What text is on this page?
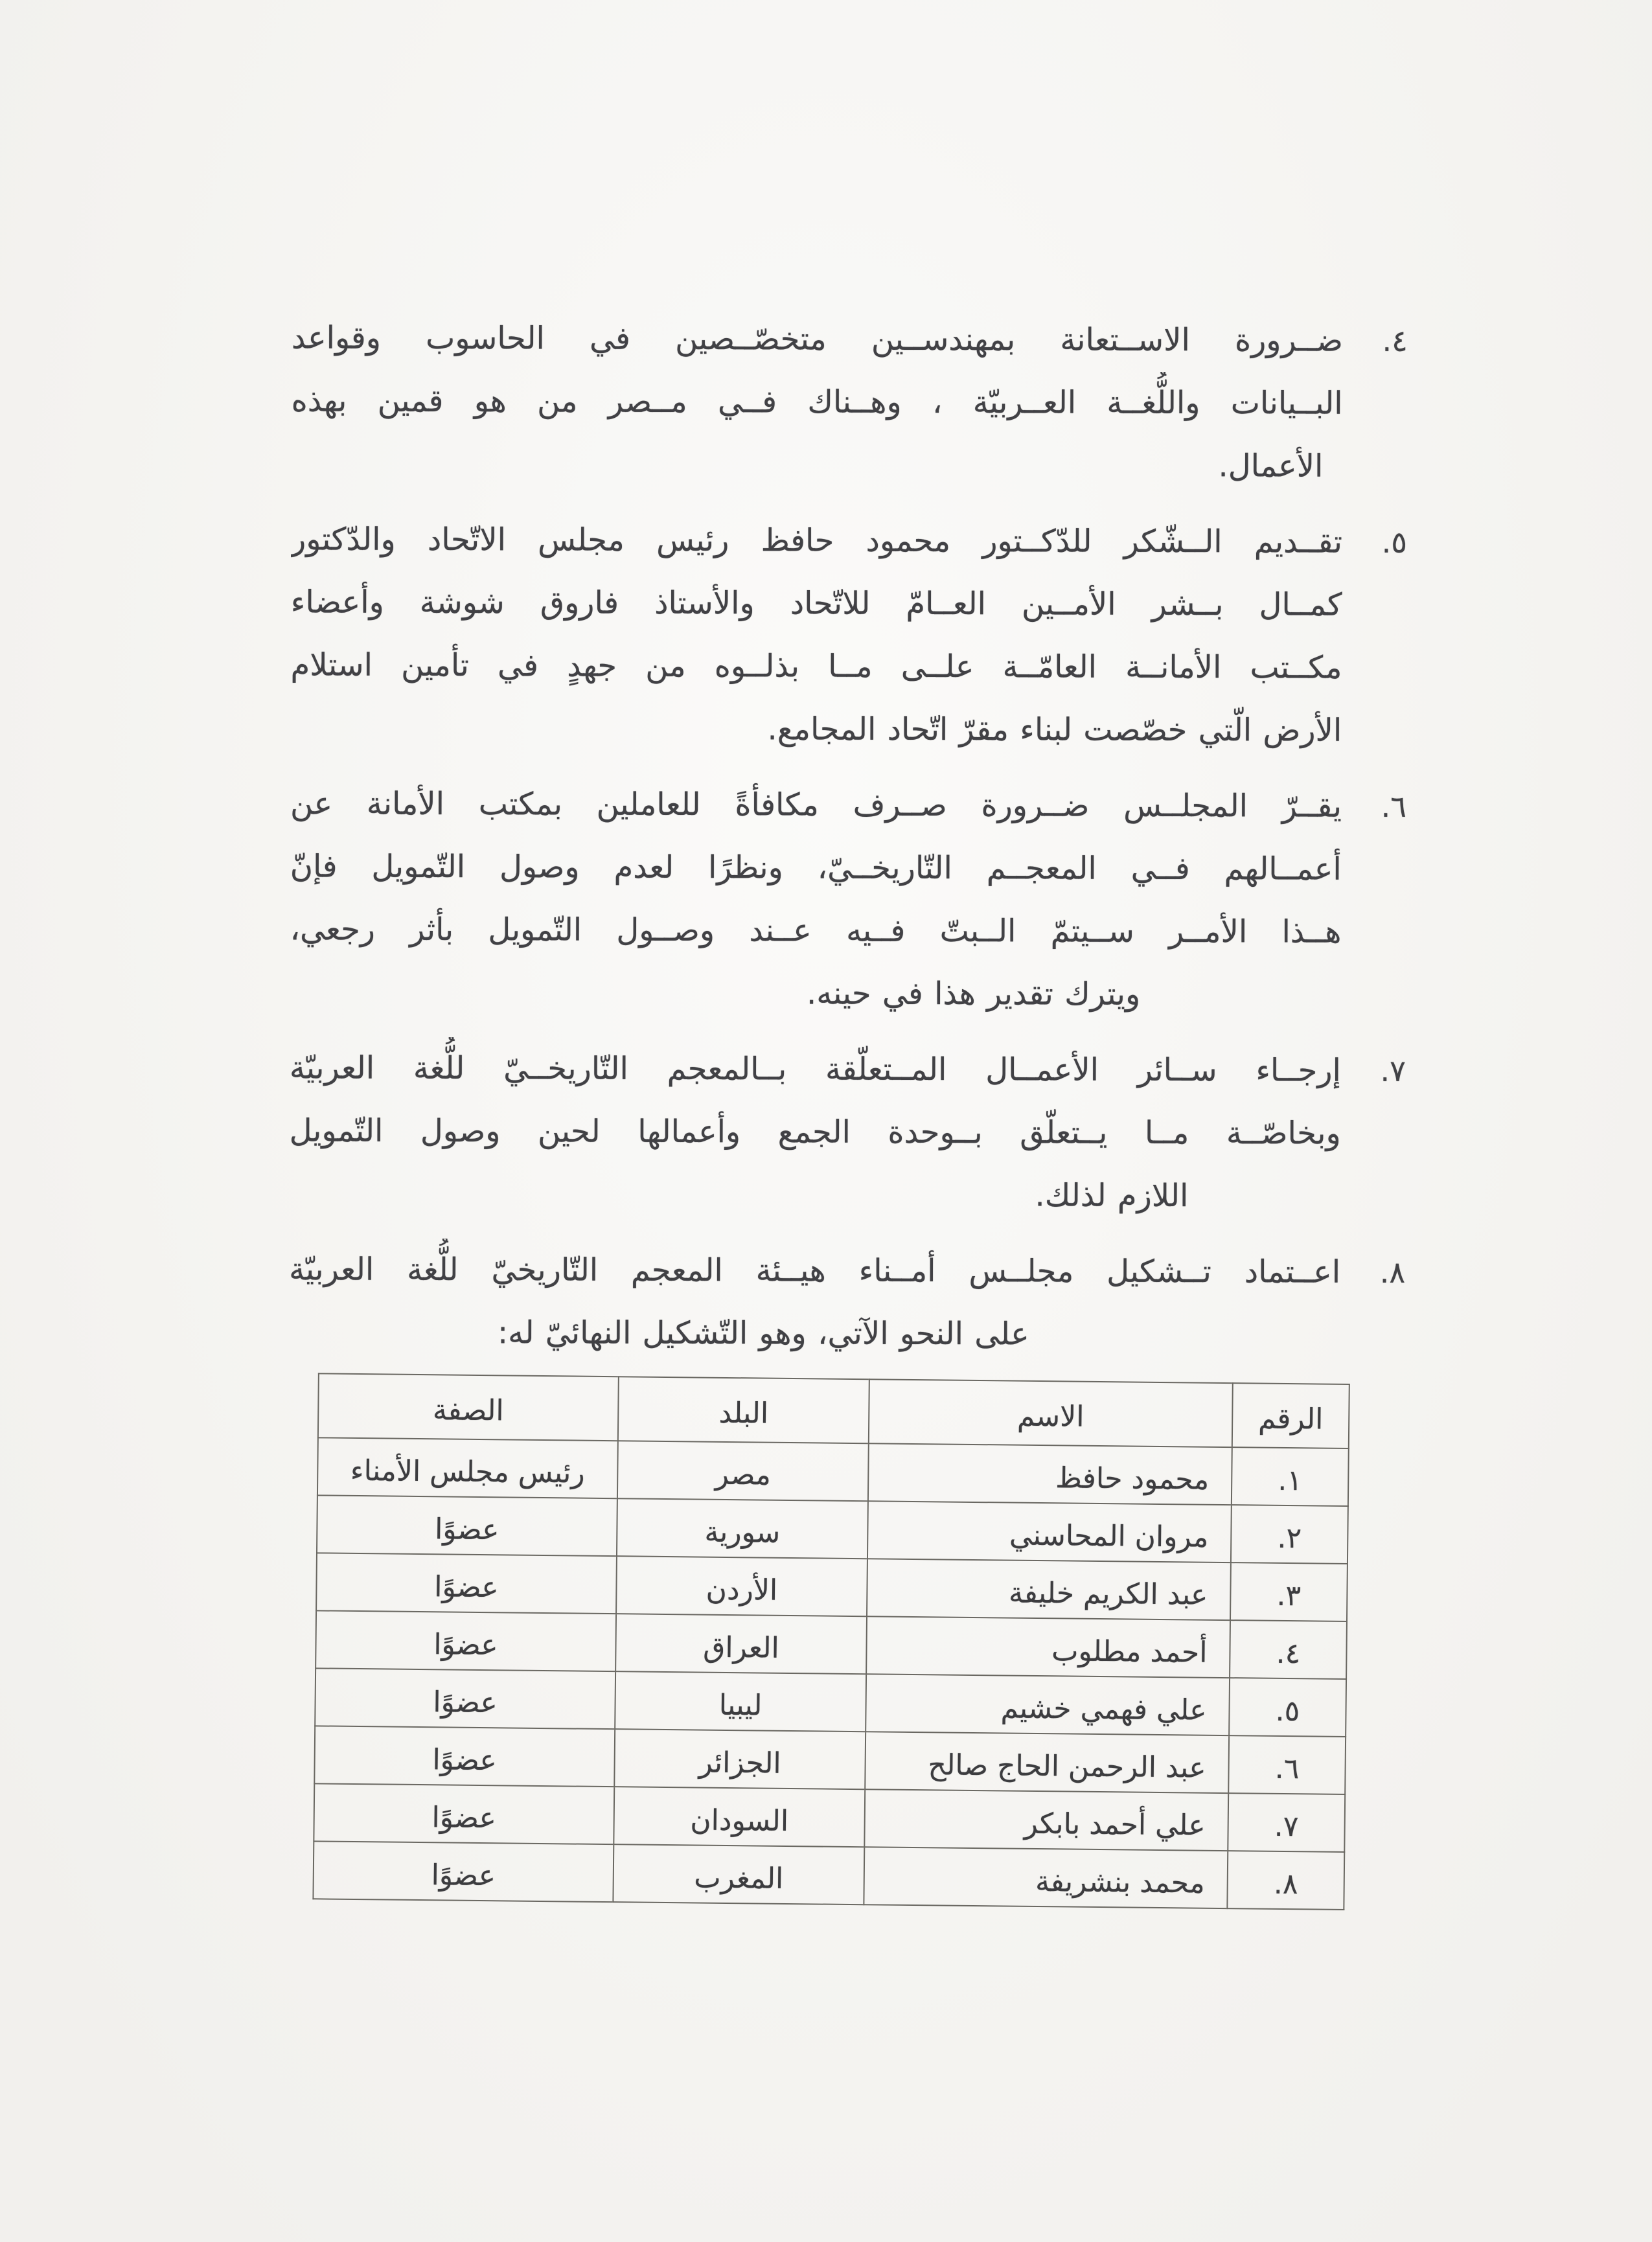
٤.
ضــرورة الاســتعانة بمهندســين متخصّــصين في الحاسوب وقواعد
البــيانات واللُّغــة العــربيّة ، وهــناك فــي مــصر من هو قمين بهذه
الأعمال.
٥.
تقــديم الــشّكر للدّكــتور محمود حافظ رئيس مجلس الاتّحاد والدّكتور
كمــال بــشر الأمــين العــامّ للاتّحاد والأستاذ فاروق شوشة وأعضاء
مكــتب الأمانــة العامّــة علــى مــا بذلــوه من جهدٍ في تأمين استلام
الأرض الّتي خصّصت لبناء مقرّ اتّحاد المجامع.
٦.
يقــرّ المجلــس ضــرورة صــرف مكافأةً للعاملين بمكتب الأمانة عن
أعمــالهم فــي المعجــم التّاريخــيّ، ونظرًا لعدم وصول التّمويل فإنّ
هــذا الأمــر ســيتمّ الــبتّ فــيه عــند وصــول التّمويل بأثر رجعي،
ويترك تقدير هذا في حينه.
٧.
إرجــاء ســائر الأعمــال المــتعلّقة بــالمعجم التّاريخــيّ للُّغة العربيّة
وبخاصّــة مــا يــتعلّق بــوحدة الجمع وأعمالها لحين وصول التّمويل
اللازم لذلك.
٨.
اعــتماد تــشكيل مجلــس أمــناء هيــئة المعجم التّاريخيّ للُّغة العربيّة
على النحو الآتي، وهو التّشكيل النهائيّ له:
الرقم	الاسم	البلد	الصفة
١.	محمود حافظ	مصر	رئيس مجلس الأمناء
٢.	مروان المحاسني	سورية	عضوًا
٣.	عبد الكريم خليفة	الأردن	عضوًا
٤.	أحمد مطلوب	العراق	عضوًا
٥.	علي فهمي خشيم	ليبيا	عضوًا
٦.	عبد الرحمن الحاج صالح	الجزائر	عضوًا
٧.	علي أحمد بابكر	السودان	عضوًا
٨.	محمد بنشريفة	المغرب	عضوًا
